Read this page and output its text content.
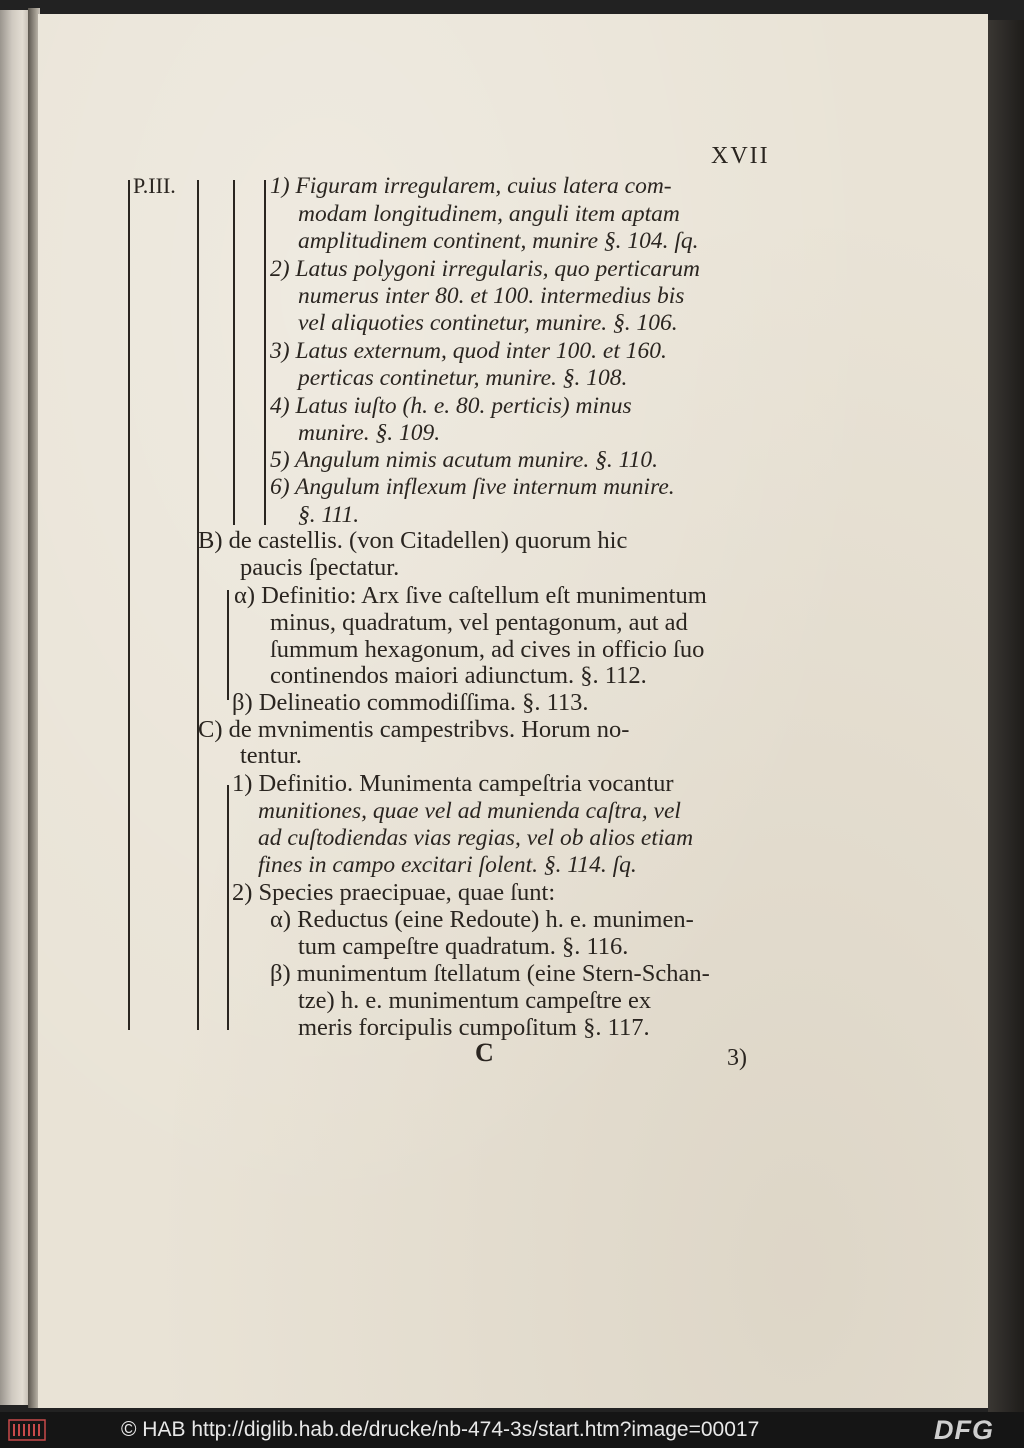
XVII
P.III.	1) Figuram irregularem, cuius latera com-
modam longitudinem, anguli item aptam
amplitudinem continent, munire §. 104. ſq.
2) Latus polygoni irregularis, quo perticarum
numerus inter 80. et 100. intermedius bis
vel aliquoties continetur, munire. §. 106.
3) Latus externum, quod inter 100. et 160.
perticas continetur, munire. §. 108.
4) Latus iuſto (h. e. 80. perticis) minus
munire. §. 109.
5) Angulum nimis acutum munire. §. 110.
6) Angulum inflexum ſive internum munire.
§. 111.
B) de castellis. (von Citadellen) quorum hic
paucis ſpectatur.
α) Definitio: Arx ſive caſtellum eſt munimentum
minus, quadratum, vel pentagonum, aut ad
ſummum hexagonum, ad cives in officio ſuo
continendos maiori adiunctum. §. 112.
β) Delineatio commodiſſima. §. 113.
C) de mvnimentis campestribvs. Horum no-
tentur.
1) Definitio. Munimenta campeſtria vocantur
munitiones, quae vel ad munienda caſtra, vel
ad cuſtodiendas vias regias, vel ob alios etiam
fines in campo excitari ſolent. §. 114. ſq.
2) Species praecipuae, quae ſunt:
α) Reductus (eine Redoute) h. e. munimen-
tum campeſtre quadratum. §. 116.
β) munimentum ſtellatum (eine Stern-Schan-
tze) h. e. munimentum campeſtre ex
meris forcipulis cumpoſitum §. 117.
C	3)
© HAB http://diglib.hab.de/drucke/nb-474-3s/start.htm?image=00017	DFG
